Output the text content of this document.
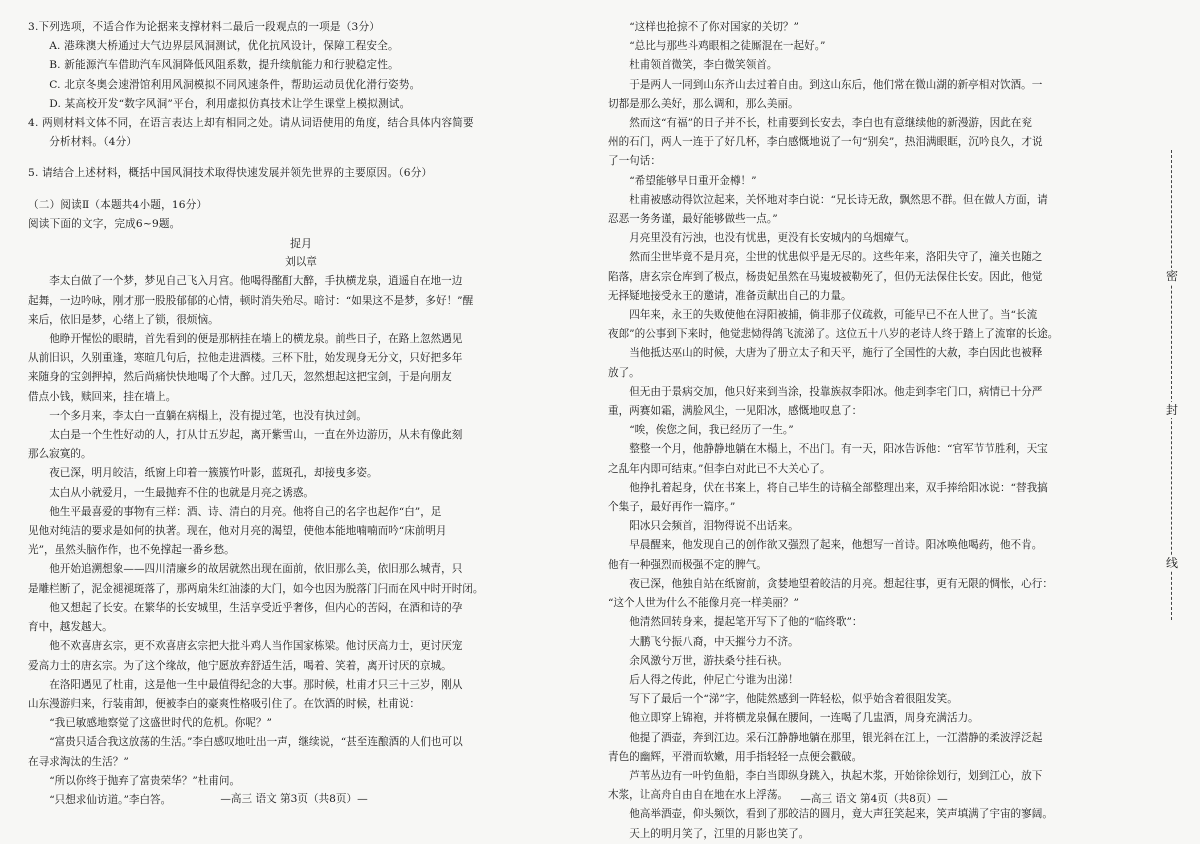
3.下列选项，不适合作为论据来支撑材料二最后一段观点的一项是（3分）

A. 港珠澳大桥通过大气边界层风洞测试，优化抗风设计，保障工程安全。

B. 新能源汽车借助汽车风洞降低风阻系数，提升续航能力和行驶稳定性。

C. 北京冬奥会速滑馆利用风洞模拟不同风速条件，帮助运动员优化滑行姿势。

D. 某高校开发“数字风洞”平台，利用虚拟仿真技术让学生课堂上模拟测试。

4. 两则材料文体不同，在语言表达上却有相同之处。请从词语使用的角度，结合具体内容简要

分析材料。（4分）

5. 请结合上述材料，概括中国风洞技术取得快速发展并领先世界的主要原因。（6分）

（二）阅读Ⅱ（本题共4小题，16分）

阅读下面的文字，完成6~9题。

捉月

刘以章

李太白做了一个梦，梦见自己飞入月宫。他喝得酩酊大醉，手执横龙泉，逍遥自在地一边

起舞，一边吟咏，刚才那一股股郁郁的心情，顿时消失殆尽。暗讨：“如果这不是梦，多好！”醒

来后，依旧是梦，心绪上了锁，很烦恼。

他睁开惺忪的眼睛，首先看到的便是那柄挂在墙上的横龙泉。前些日子，在路上忽然遇见

从前旧识，久别重逢，寒暄几句后，拉他走进酒楼。三杯下肚，始发现身无分文，只好把多年

来随身的宝剑押掉，然后尚痛快快地喝了个大醉。过几天，忽然想起这把宝剑，于是向朋友

借点小钱，赎回来，挂在墙上。

一个多月来，李太白一直躺在病榻上，没有提过笔，也没有执过剑。

太白是一个生性好动的人，打从廿五岁起，离开紫雪山，一直在外边游历，从未有像此刻

那么寂寞的。

夜已深，明月皎洁，纸窗上印着一簇簇竹叶影，蓝斑孔，却接曳多姿。

太白从小就爱月，一生最抛弃不住的也就是月亮之诱惑。

他生平最喜爱的事物有三样：酒、诗、清白的月亮。他将自己的名字也起作“白”，足

见他对纯洁的要求是如何的执著。现在，他对月亮的渴望，使他本能地喃喃而吟“床前明月

光”，虽然头脑作作，也不免撑起一番乡愁。

他开始追溯想象——四川清廉乡的故居就然出现在面前，依旧那么美，依旧那么城青，只

是雕栏断了，泥金褪褪斑落了，那两扇朱红油漆的大门，如今也因为脱落门闩而在风中时开时闭。

他又想起了长安。在繁华的长安城里，生活享受近乎奢侈，但内心的苦闷，在酒和诗的孕

育中，越发越大。

他不欢喜唐玄宗，更不欢喜唐玄宗把大批斗鸡人当作国家栋梁。他讨厌高力士，更讨厌宠

爱高力士的唐玄宗。为了这个缘故，他宁愿放弃舒适生活，喝着、笑着，离开讨厌的京城。

在洛阳遇见了杜甫，这是他一生中最值得纪念的大事。那时候，杜甫才只三十三岁，刚从

山东漫游归来，行装甫卸，便被李白的豪爽性格吸引住了。在饮酒的时候，杜甫说：

“我已敏感地察觉了这盛世时代的危机。你呢？”

“富贵只适合我这放荡的生活。”李白感叹地吐出一声，继续说，“甚至连酿酒的人们也可以

在寻求淘汰的生活？”

“所以你终于抛弃了富贵荣华？”杜甫问。

“只想求仙访道。”李白答。	—高三 语文 第3页（共8页）—

“这样也抢掠不了你对国家的关切？”

“总比与那些斗鸡眼相之徒厮混在一起好。”

杜甫领首微笑，李白微笑领首。

于是两人一同到山东齐山去过着自由。到这山东后，他们常在微山湖的新亭相对饮酒。一

切都是那么美好，那么调和，那么美丽。

然而这“有福”的日子并不长，杜甫要到长安去，李白也有意继续他的新漫游，因此在兖

州的石门，两人一连于了好几杯，李白感慨地说了一句“别矣”，热泪满眼眶，沉吟良久，才说

了一句话：

“希望能够早日重开金樽！”

杜甫被感动得饮泣起来，关怀地对李白说：“兄长诗无敌，飘然思不群。但在做人方面，请

忍恶一务务谨，最好能够做些一点。”

月亮里没有污浊，也没有忧患，更没有长安城内的乌烟瘴气。

然而尘世毕竟不是月亮，尘世的忧患似乎是无尽的。这些年来，洛阳失守了，潼关也随之

陷落，唐玄宗仓库到了极点，杨贵妃虽然在马嵬坡被勒死了，但仍无法保住长安。因此，他觉

无择疑地接受永王的邀请，准备贡献出自己的力量。

四年来，永王的失败使他在浔阳被捕，倘非那子仪疏救，可能早已不在人世了。当“长流

夜郎”的公事到下来时，他觉悲恸得鸽飞流涕了。这位五十八岁的老诗人终于踏上了流窜的长途。

当他抵达巫山的时候，大唐为了册立太子和天平，施行了全国性的大赦，李白因此也被释

放了。

但无由于景病交加，他只好来到当涂，投靠族叔李阳冰。他走到李宅门口，病情已十分严

重，两赛如霜，满脸风尘，一见阳冰，感慨地叹息了：

“唉，俟您之间，我已经历了一生。”

整整一个月，他静静地躺在木榻上，不出门。有一天，阳冰告诉他：“官军节节胜利，天宝

之乱年内即可结束。”但李白对此已不大关心了。

他挣扎着起身，伏在书案上，将自己毕生的诗稿全部整理出来，双手捧给阳冰说：“替我搞

个集子，最好再作一篇序。”

阳冰只会频首，泪物得说不出话来。

早晨醒来，他发现自己的创作欲又强烈了起来，他想写一首诗。阳冰唤他喝药，他不肯。

他有一种强烈而极强不定的脾气。

夜已深，他独自站在纸窗前，贪婪地望着皎洁的月亮。想起往事，更有无限的惆怅，心行：

“这个人世为什么不能像月亮一样美丽？”

他清然回转身来，提起笔开写下了他的“临终歌”：

大鹏飞兮振八裔，中天摧兮力不济。

余风激兮万世，游扶桑兮挂石袂。

后人得之传此，仲尼亡兮谁为出涕！

写下了最后一个“涕”字，他陡然感到一阵轻松，似乎始含着很阻发笑。

他立即穿上锦袍，并将横龙泉佩在腰间，一连喝了几盅酒，周身充满活力。

他提了酒壶，奔到江边。采石江静静地躺在那里，银光斜在江上，一江潜静的柔波浮泛起

青色的幽辉，平滑而软嫩，用手指轻轻一点便会戳破。

芦苇丛边有一叶钓鱼船，李白当即纵身跳入，执起木浆，开始徐徐划行，划到江心，放下

木浆，让高舟自由自在地在水上浮荡。

他高举酒壶，仰头频饮，看到了那皎洁的圆月，竟大声狂笑起来，笑声填满了宇宙的寥阔。

天上的明月笑了，江里的月影也笑了。

—高三 语文 第4页（共8页）—
密
封
线
